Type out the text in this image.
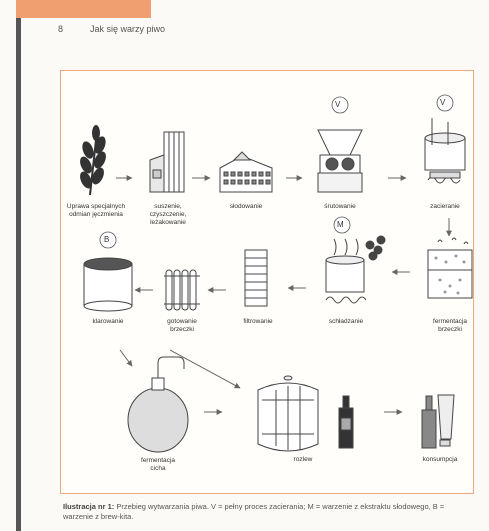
8	Jak się warzy piwo
V	V
M
B
Uprawa specjalnych
odmian jęczmienia
suszenie,
czyszczenie,
leżakowanie
słodowanie	śrutowanie	zacieranie
fermentacja
brzeczki
schładzanie
filtrowanie
gotowanie
brzeczki
klarowanie
fermentacja
cicha
rozlew	konsumpcja
Ilustracja nr 1: Przebieg wytwarzania piwa. V = pełny proces zacierania; M = warzenie z ekstraktu słodowego, B = warzenie z brew-kita.
